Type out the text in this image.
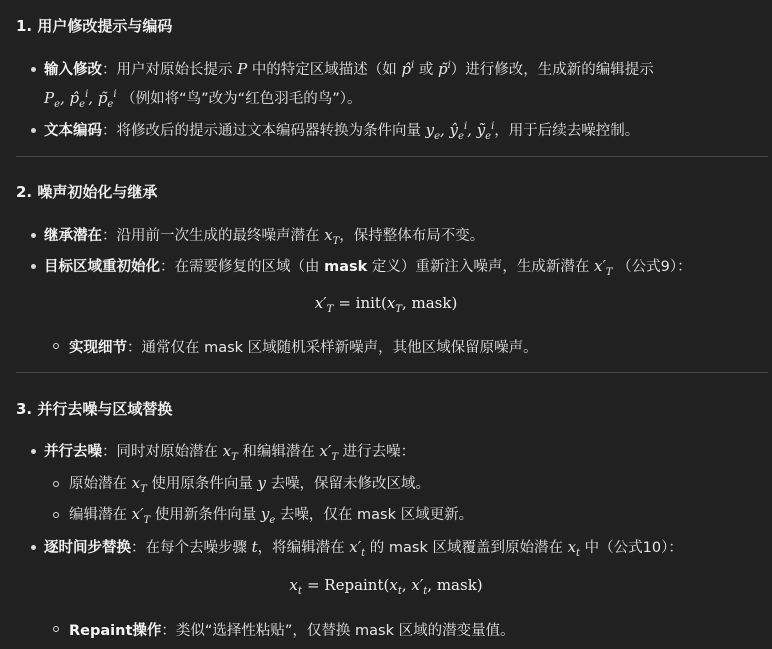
1. 用户修改提示与编码
输入修改：用户对原始长提示 P 中的特定区域描述（如 p̂$^i$ 或 p̃$^i$）进行修改，生成新的编辑提示
$P_e$, $p̂_e^i$, $p̃_e^i$ （例如将“鸟”改为“红色羽毛的鸟”）。
文本编码：将修改后的提示通过文本编码器转换为条件向量 $y_e$, $ŷ_e^i$, ỹ$_e^i$，用于后续去噪控制。
2. 噪声初始化与继承
继承潜在：沿用前一次生成的最终噪声潜在 $x_T$，保持整体布局不变。
目标区域重初始化：在需要修复的区域（由 mask 定义）重新注入噪声，生成新潜在 $x'_T$ （公式9）：
$x'_T$ = $init(x_T$, mask)
实现细节：通常仅在 mask 区域随机采样新噪声，其他区域保留原噪声。
3. 并行去噪与区域替换
并行去噪：同时对原始潜在 $x_T$ 和编辑潜在 $x'_T$ 进行去噪：
原始潜在 $x_T$ 使用原条件向量 y 去噪，保留未修改区域。
编辑潜在 $x'_T$ 使用新条件向量 $y_e$ 去噪，仅在 mask 区域更新。
逐时间步替换：在每个去噪步骤 t，将编辑潜在 $x'_t$ 的 mask 区域覆盖到原始潜在 $x_t$ 中（公式10）：
$x_t$ = $Repaint(x_t$, $x'_t$, mask)
Repaint操作：类似“选择性粘贴”，仅替换 mask 区域的潜变量值。
